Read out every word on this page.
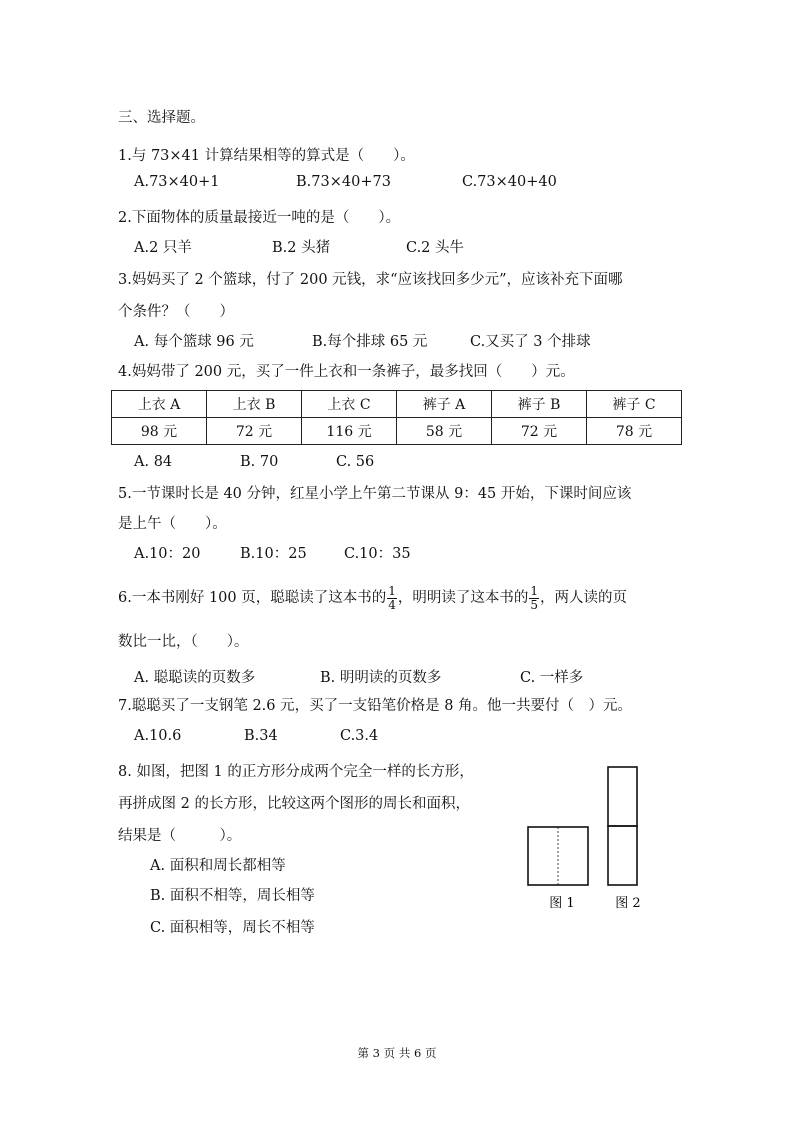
三、选择题。
1.与 73×41 计算结果相等的算式是（　　）。
A.73×40+1	B.73×40+73	C.73×40+40
2.下面物体的质量最接近一吨的是（　　）。
A.2 只羊	B.2 头猪	C.2 头牛
3.妈妈买了 2 个篮球，付了 200 元钱，求“应该找回多少元”，应该补充下面哪
个条件？（　　）
A. 每个篮球 96 元	B.每个排球 65 元	C.又买了 3 个排球
4.妈妈带了 200 元，买了一件上衣和一条裤子，最多找回（　　）元。
上衣 A	上衣 B	上衣 C	裤子 A	裤子 B	裤子 C
98 元	72 元	116 元	58 元	72 元	78 元
A. 84	B. 70	C. 56
5.一节课时长是 40 分钟，红星小学上午第二节课从 9：45 开始，下课时间应该
是上午（　　）。
A.10：20	B.10：25	C.10：35
6.一本书刚好 100 页，聪聪读了这本书的 $\frac{1}{4}$ ，明明读了这本书的 $\frac{1}{5}$ ，两人读的页
数比一比，（　　）。
A. 聪聪读的页数多	B. 明明读的页数多	C. 一样多
7.聪聪买了一支钢笔 2.6 元，买了一支铅笔价格是 8 角。他一共要付（　）元。
A.10.6	B.34	C.3.4
8. 如图，把图 1 的正方形分成两个完全一样的长方形，
再拼成图 2 的长方形，比较这两个图形的周长和面积，
结果是（　　　）。
A. 面积和周长都相等
B. 面积不相等，周长相等
C. 面积相等，周长不相等
图 1	图 2
第 3 页 共 6 页
